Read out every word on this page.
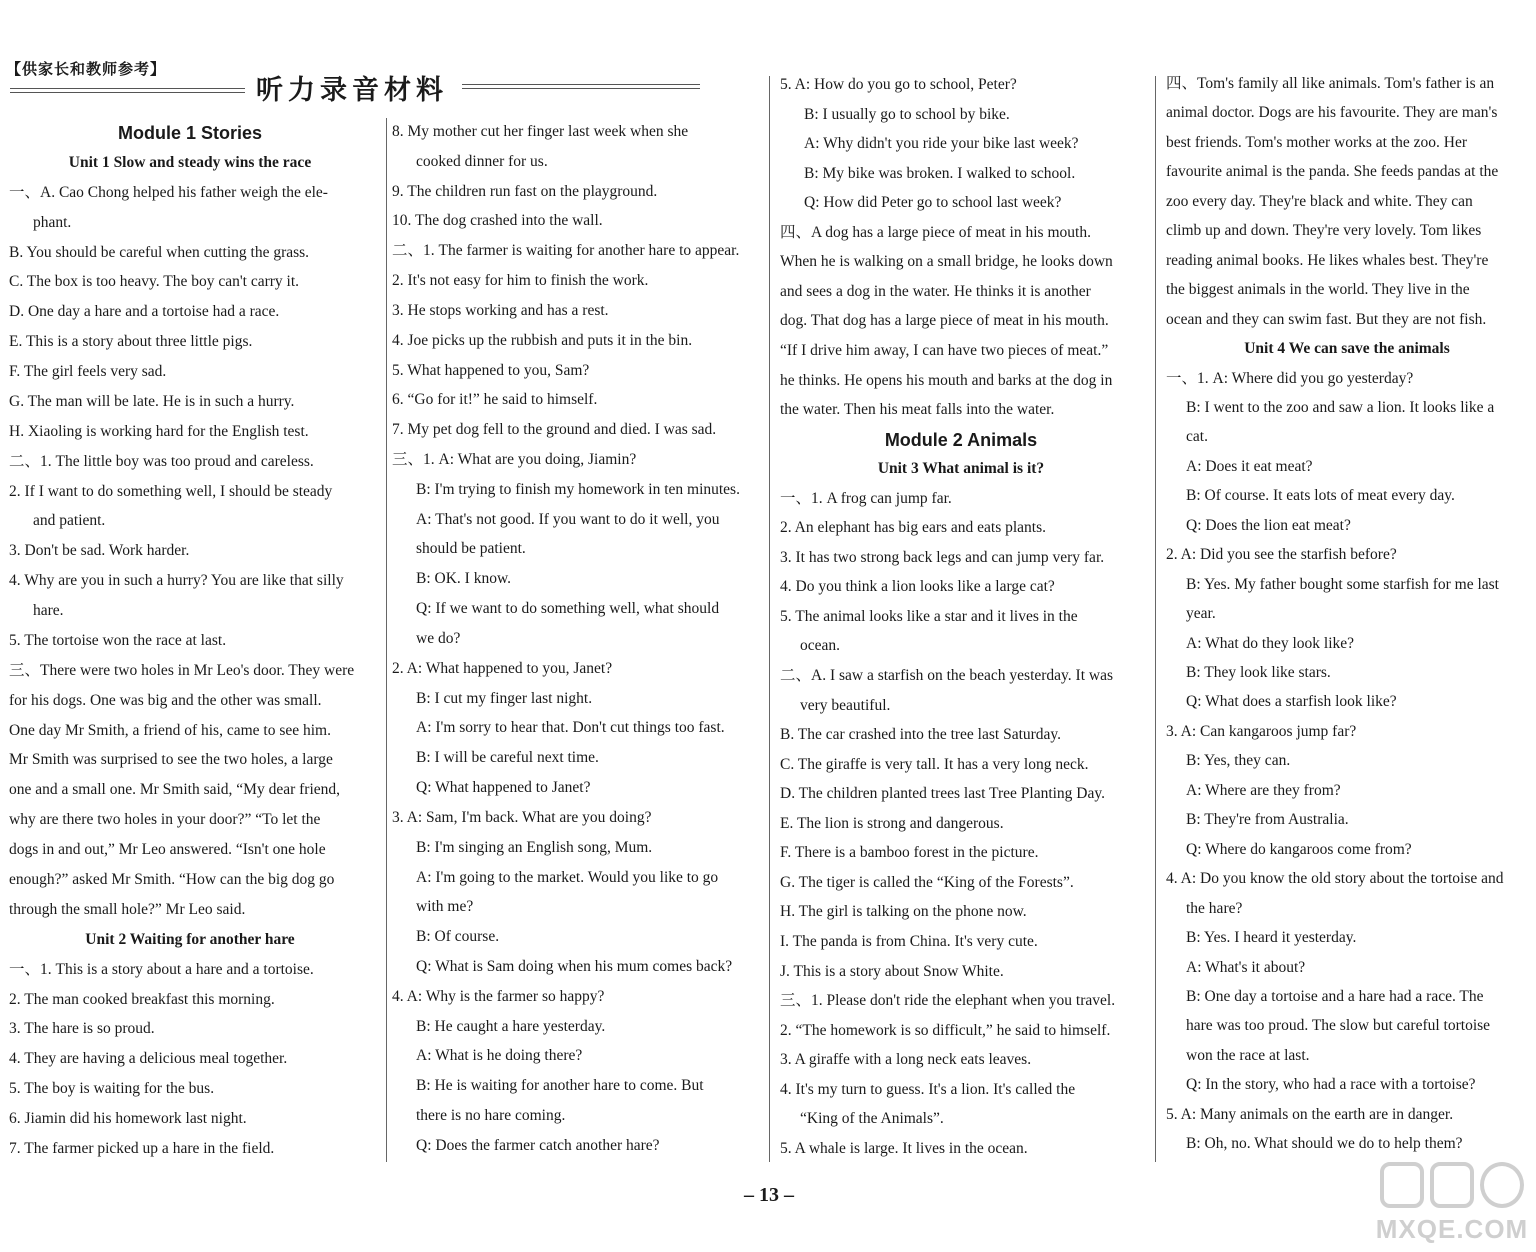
【供家长和教师参考】
听力录音材料
Module 1 Stories
Unit 1 Slow and steady wins the race
一、A. Cao Chong helped his father weigh the ele-
phant.
B. You should be careful when cutting the grass.
C. The box is too heavy. The boy can't carry it.
D. One day a hare and a tortoise had a race.
E. This is a story about three little pigs.
F. The girl feels very sad.
G. The man will be late. He is in such a hurry.
H. Xiaoling is working hard for the English test.
二、1. The little boy was too proud and careless.
2. If I want to do something well, I should be steady
and patient.
3. Don't be sad. Work harder.
4. Why are you in such a hurry? You are like that silly
hare.
5. The tortoise won the race at last.
三、There were two holes in Mr Leo's door. They were
for his dogs. One was big and the other was small.
One day Mr Smith, a friend of his, came to see him.
Mr Smith was surprised to see the two holes, a large
one and a small one. Mr Smith said, “My dear friend,
why are there two holes in your door?” “To let the
dogs in and out,” Mr Leo answered. “Isn't one hole
enough?” asked Mr Smith. “How can the big dog go
through the small hole?” Mr Leo said.
Unit 2 Waiting for another hare
一、1. This is a story about a hare and a tortoise.
2. The man cooked breakfast this morning.
3. The hare is so proud.
4. They are having a delicious meal together.
5. The boy is waiting for the bus.
6. Jiamin did his homework last night.
7. The farmer picked up a hare in the field.
8. My mother cut her finger last week when she
cooked dinner for us.
9. The children run fast on the playground.
10. The dog crashed into the wall.
二、1. The farmer is waiting for another hare to appear.
2. It's not easy for him to finish the work.
3. He stops working and has a rest.
4. Joe picks up the rubbish and puts it in the bin.
5. What happened to you, Sam?
6. “Go for it!” he said to himself.
7. My pet dog fell to the ground and died. I was sad.
三、1. A: What are you doing, Jiamin?
B: I'm trying to finish my homework in ten minutes.
A: That's not good. If you want to do it well, you
should be patient.
B: OK. I know.
Q: If we want to do something well, what should
we do?
2. A: What happened to you, Janet?
B: I cut my finger last night.
A: I'm sorry to hear that. Don't cut things too fast.
B: I will be careful next time.
Q: What happened to Janet?
3. A: Sam, I'm back. What are you doing?
B: I'm singing an English song, Mum.
A: I'm going to the market. Would you like to go
with me?
B: Of course.
Q: What is Sam doing when his mum comes back?
4. A: Why is the farmer so happy?
B: He caught a hare yesterday.
A: What is he doing there?
B: He is waiting for another hare to come. But
there is no hare coming.
Q: Does the farmer catch another hare?
5. A: How do you go to school, Peter?
B: I usually go to school by bike.
A: Why didn't you ride your bike last week?
B: My bike was broken. I walked to school.
Q: How did Peter go to school last week?
四、A dog has a large piece of meat in his mouth.
When he is walking on a small bridge, he looks down
and sees a dog in the water. He thinks it is another
dog. That dog has a large piece of meat in his mouth.
“If I drive him away, I can have two pieces of meat.”
he thinks. He opens his mouth and barks at the dog in
the water. Then his meat falls into the water.
Module 2 Animals
Unit 3 What animal is it?
一、1. A frog can jump far.
2. An elephant has big ears and eats plants.
3. It has two strong back legs and can jump very far.
4. Do you think a lion looks like a large cat?
5. The animal looks like a star and it lives in the
ocean.
二、A. I saw a starfish on the beach yesterday. It was
very beautiful.
B. The car crashed into the tree last Saturday.
C. The giraffe is very tall. It has a very long neck.
D. The children planted trees last Tree Planting Day.
E. The lion is strong and dangerous.
F. There is a bamboo forest in the picture.
G. The tiger is called the “King of the Forests”.
H. The girl is talking on the phone now.
I. The panda is from China. It's very cute.
J. This is a story about Snow White.
三、1. Please don't ride the elephant when you travel.
2. “The homework is so difficult,” he said to himself.
3. A giraffe with a long neck eats leaves.
4. It's my turn to guess. It's a lion. It's called the
“King of the Animals”.
5. A whale is large. It lives in the ocean.
四、Tom's family all like animals. Tom's father is an
animal doctor. Dogs are his favourite. They are man's
best friends. Tom's mother works at the zoo. Her
favourite animal is the panda. She feeds pandas at the
zoo every day. They're black and white. They can
climb up and down. They're very lovely. Tom likes
reading animal books. He likes whales best. They're
the biggest animals in the world. They live in the
ocean and they can swim fast. But they are not fish.
Unit 4 We can save the animals
一、1. A: Where did you go yesterday?
B: I went to the zoo and saw a lion. It looks like a
cat.
A: Does it eat meat?
B: Of course. It eats lots of meat every day.
Q: Does the lion eat meat?
2. A: Did you see the starfish before?
B: Yes. My father bought some starfish for me last
year.
A: What do they look like?
B: They look like stars.
Q: What does a starfish look like?
3. A: Can kangaroos jump far?
B: Yes, they can.
A: Where are they from?
B: They're from Australia.
Q: Where do kangaroos come from?
4. A: Do you know the old story about the tortoise and
the hare?
B: Yes. I heard it yesterday.
A: What's it about?
B: One day a tortoise and a hare had a race. The
hare was too proud. The slow but careful tortoise
won the race at last.
Q: In the story, who had a race with a tortoise?
5. A: Many animals on the earth are in danger.
B: Oh, no. What should we do to help them?
– 13 –
MXQE.COM
